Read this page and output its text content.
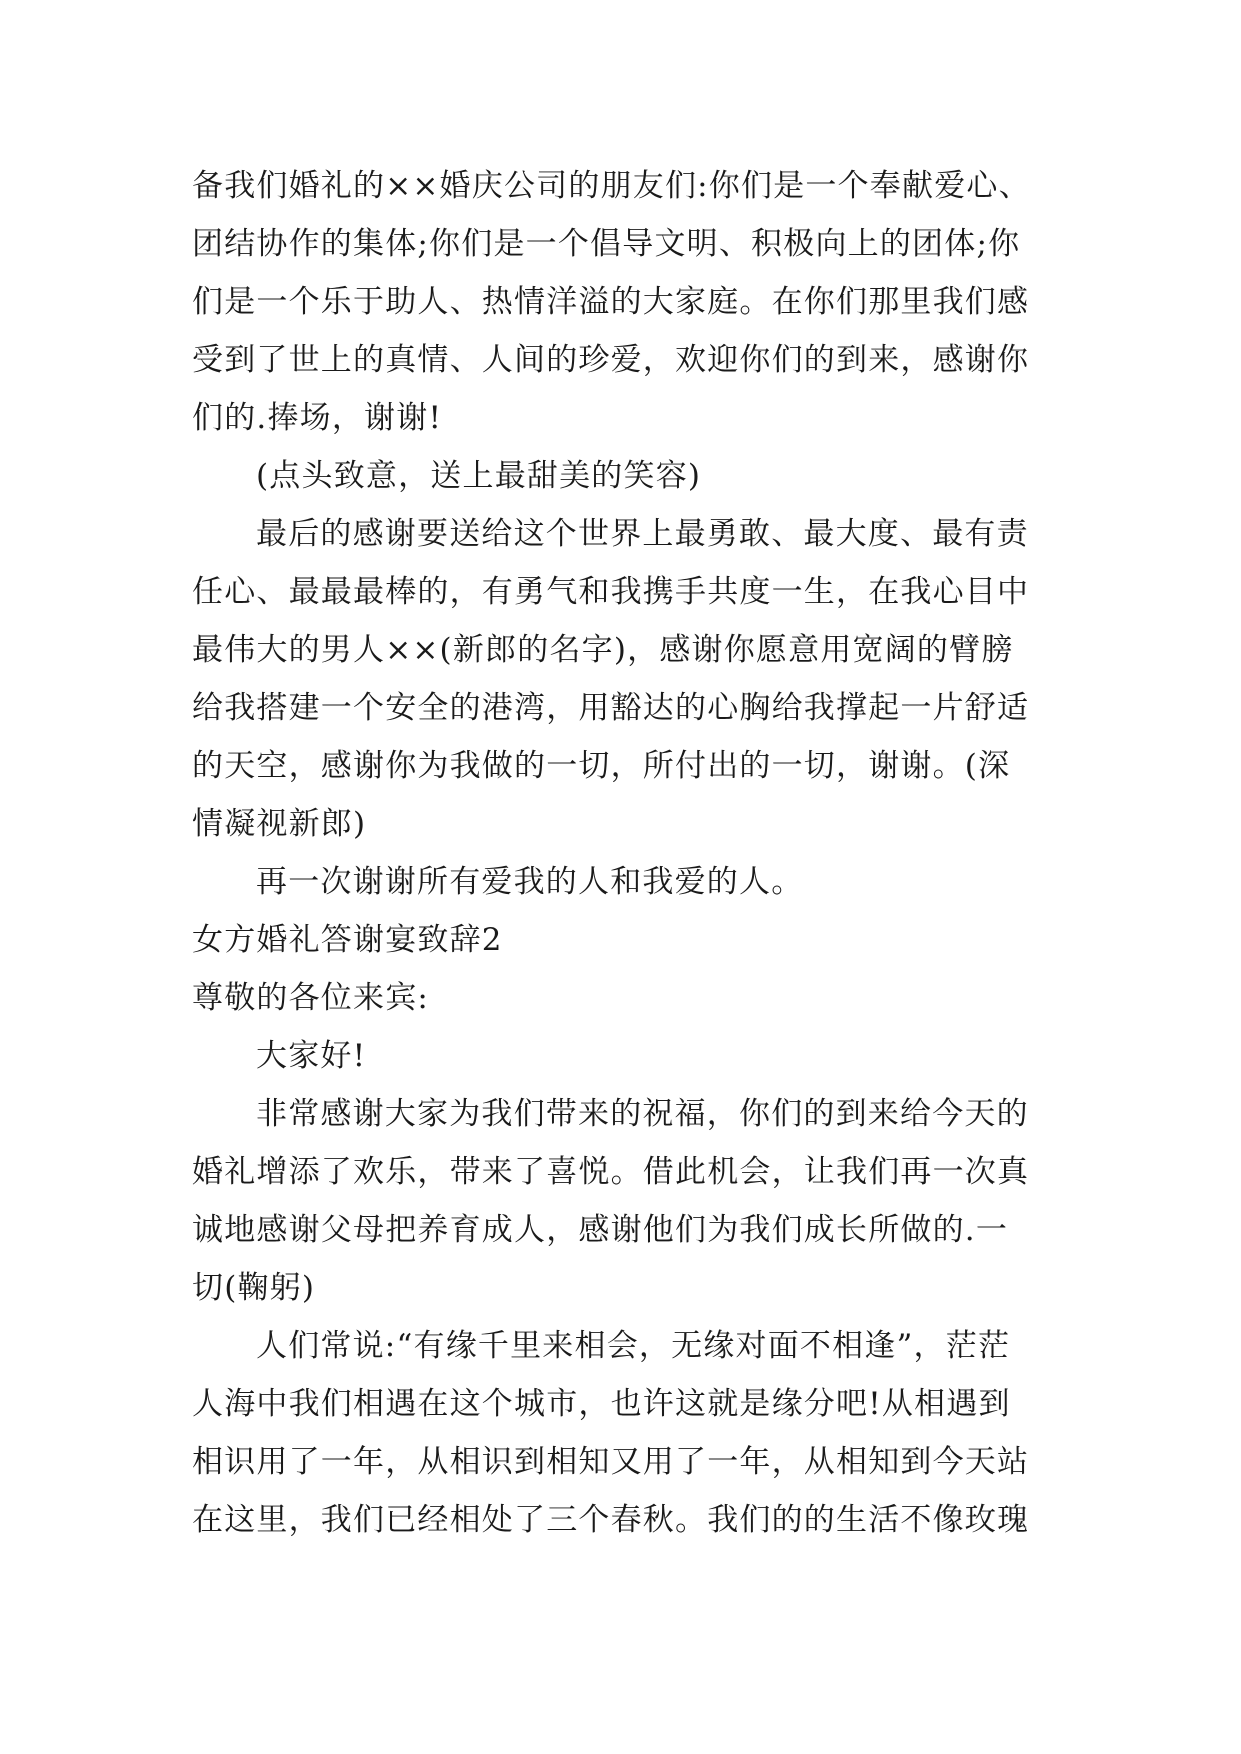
备我们婚礼的××婚庆公司的朋友们:你们是一个奉献爱心、
团结协作的集体;你们是一个倡导文明、积极向上的团体;你
们是一个乐于助人、热情洋溢的大家庭。在你们那里我们感
受到了世上的真情、人间的珍爱，欢迎你们的到来，感谢你
们的.捧场，谢谢!
(点头致意，送上最甜美的笑容)
最后的感谢要送给这个世界上最勇敢、最大度、最有责
任心、最最最棒的，有勇气和我携手共度一生，在我心目中
最伟大的男人××(新郎的名字)，感谢你愿意用宽阔的臂膀
给我搭建一个安全的港湾，用豁达的心胸给我撑起一片舒适
的天空，感谢你为我做的一切，所付出的一切，谢谢。(深
情凝视新郎)
再一次谢谢所有爱我的人和我爱的人。
女方婚礼答谢宴致辞2
尊敬的各位来宾:
大家好!
非常感谢大家为我们带来的祝福，你们的到来给今天的
婚礼增添了欢乐，带来了喜悦。借此机会，让我们再一次真
诚地感谢父母把养育成人，感谢他们为我们成长所做的.一
切(鞠躬)
人们常说:“有缘千里来相会，无缘对面不相逢”，茫茫
人海中我们相遇在这个城市，也许这就是缘分吧!从相遇到
相识用了一年，从相识到相知又用了一年，从相知到今天站
在这里，我们已经相处了三个春秋。我们的的生活不像玫瑰
